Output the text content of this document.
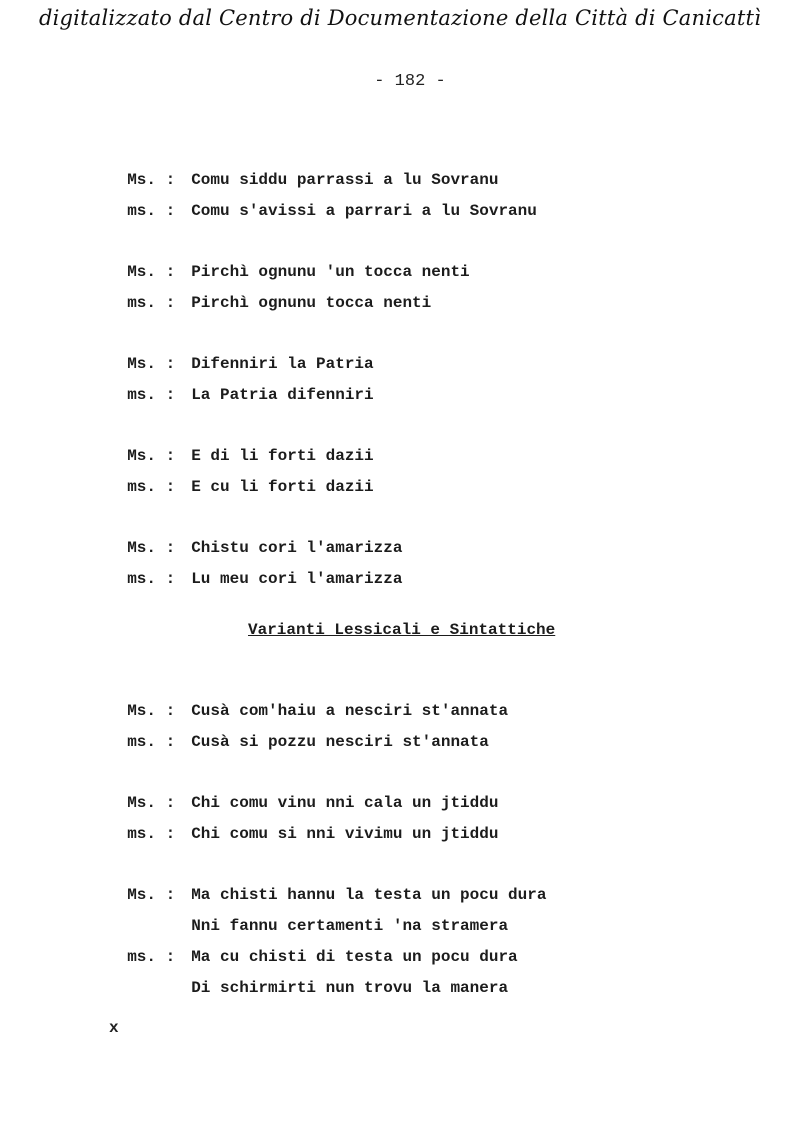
digitalizzato dal Centro di Documentazione della Città di Canicattì
- 182 -

Ms. : Comu siddu parrassi a lu Sovranu

ms. : Comu s'avissi a parrari a lu Sovranu

Ms. : Pirchì ognunu 'un tocca nenti

ms. : Pirchì ognunu tocca nenti

Ms. : Difenniri la Patria

ms. : La Patria difenniri

Ms. : E di li forti dazii

ms. : E cu li forti dazii

Ms. : Chistu cori l'amarizza

ms. : Lu meu cori l'amarizza

Varianti Lessicali e Sintattiche

Ms. : Cusà com'haiu a nesciri st'annata

ms. : Cusà si pozzu nesciri st'annata

Ms. : Chi comu vinu nni cala un jtiddu

ms. : Chi comu si nni vivimu un jtiddu

Ms. : Ma chisti hannu la testa un pocu dura

Nni fannu certamenti 'na stramera

ms. : Ma cu chisti di testa un pocu dura

Di schirmirti nun trovu la manera

x
